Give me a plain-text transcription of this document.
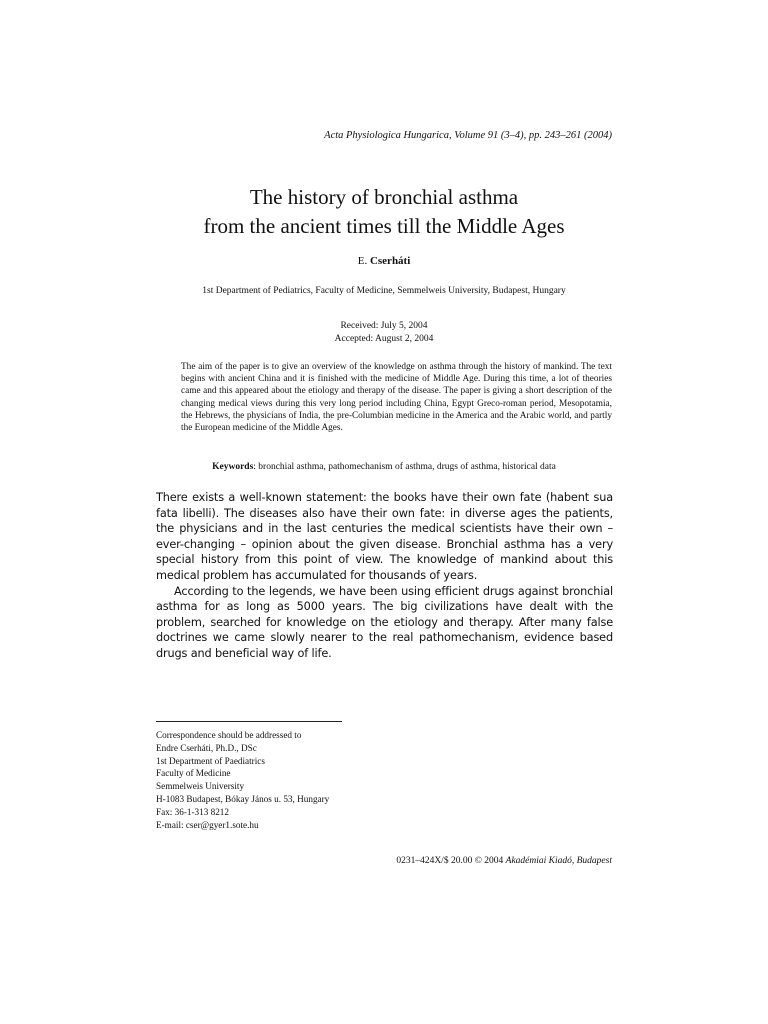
Acta Physiologica Hungarica, Volume 91 (3–4), pp. 243–261 (2004)
The history of bronchial asthma
from the ancient times till the Middle Ages
E. Cserháti
1st Department of Pediatrics, Faculty of Medicine, Semmelweis University, Budapest, Hungary
Received: July 5, 2004
Accepted: August 2, 2004
The aim of the paper is to give an overview of the knowledge on asthma through the history of mankind. The text begins with ancient China and it is finished with the medicine of Middle Age. During this time, a lot of theories came and this appeared about the etiology and therapy of the disease. The paper is giving a short description of the changing medical views during this very long period including China, Egypt Greco-roman period, Mesopotamia, the Hebrews, the physicians of India, the pre-Columbian medicine in the America and the Arabic world, and partly the European medicine of the Middle Ages.
Keywords: bronchial asthma, pathomechanism of asthma, drugs of asthma, historical data

There exists a well-known statement: the books have their own fate (habent sua fata libelli). The diseases also have their own fate: in diverse ages the patients, the physicians and in the last centuries the medical scientists have their own – ever-changing – opinion about the given disease. Bronchial asthma has a very special history from this point of view. The knowledge of mankind about this medical problem has accumulated for thousands of years.

According to the legends, we have been using efficient drugs against bronchial asthma for as long as 5000 years. The big civilizations have dealt with the problem, searched for knowledge on the etiology and therapy. After many false doctrines we came slowly nearer to the real pathomechanism, evidence based drugs and beneficial way of life.

Correspondence should be addressed to
Endre Cserháti, Ph.D., DSc
1st Department of Paediatrics
Faculty of Medicine
Semmelweis University
H-1083 Budapest, Bókay János u. 53, Hungary
Fax: 36-1-313 8212
E-mail: cser@gyer1.sote.hu
0231–424X/$ 20.00 © 2004 Akadémiai Kiadó, Budapest
